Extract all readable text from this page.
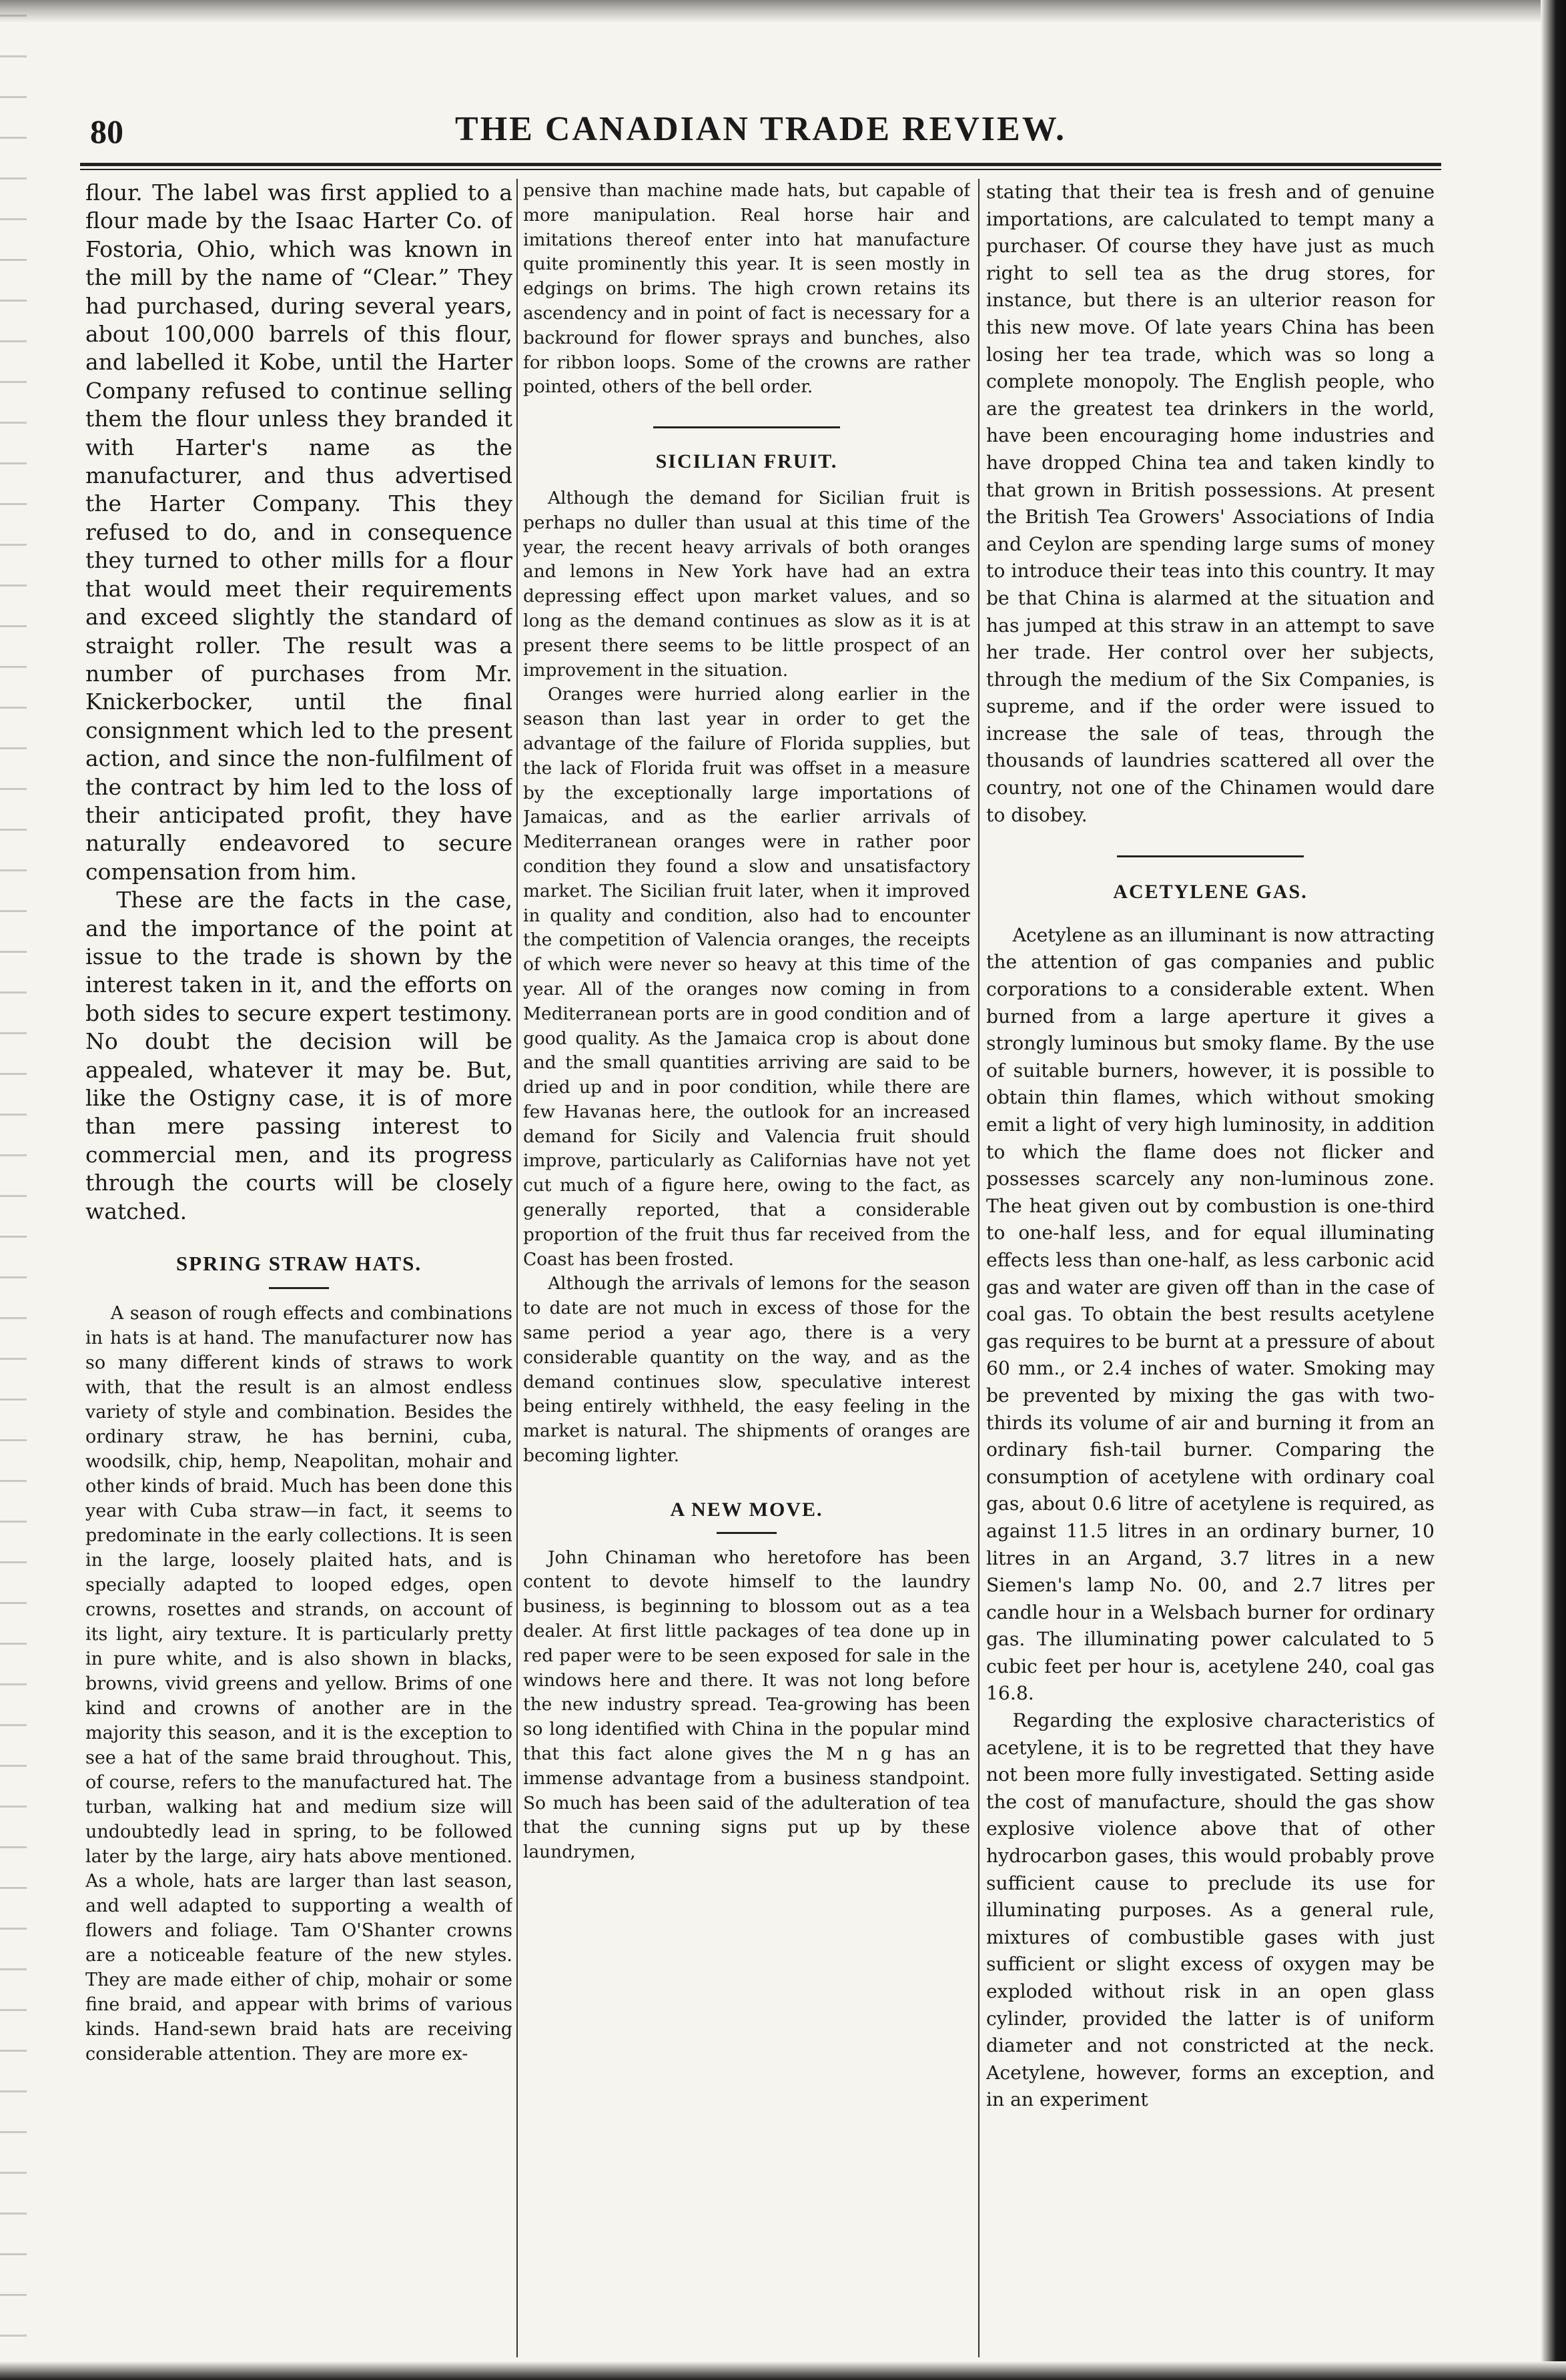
80	THE CANADIAN TRADE REVIEW.

flour. The label was first applied to a flour made by the Isaac Harter Co. of Fostoria, Ohio, which was known in the mill by the name of “Clear.” They had purchased, during several years, about 100,000 barrels of this flour, and labelled it Kobe, until the Harter Company refused to continue selling them the flour unless they branded it with Harter's name as the manufacturer, and thus advertised the Harter Company. This they refused to do, and in consequence they turned to other mills for a flour that would meet their requirements and exceed slightly the standard of straight roller. The result was a number of purchases from Mr. Knickerbocker, until the final consignment which led to the present action, and since the non-fulfilment of the contract by him led to the loss of their anticipated profit, they have naturally endeavored to secure compensation from him.

These are the facts in the case, and the importance of the point at issue to the trade is shown by the interest taken in it, and the efforts on both sides to secure expert testimony. No doubt the decision will be appealed, whatever it may be. But, like the Ostigny case, it is of more than mere passing interest to commercial men, and its progress through the courts will be closely watched.

SPRING STRAW HATS.

A season of rough effects and combinations in hats is at hand. The manufacturer now has so many different kinds of straws to work with, that the result is an almost endless variety of style and combination. Besides the ordinary straw, he has bernini, cuba, woodsilk, chip, hemp, Neapolitan, mohair and other kinds of braid. Much has been done this year with Cuba straw—in fact, it seems to predominate in the early collections. It is seen in the large, loosely plaited hats, and is specially adapted to looped edges, open crowns, rosettes and strands, on account of its light, airy texture. It is particularly pretty in pure white, and is also shown in blacks, browns, vivid greens and yellow. Brims of one kind and crowns of another are in the majority this season, and it is the exception to see a hat of the same braid throughout. This, of course, refers to the manufactured hat. The turban, walking hat and medium size will undoubtedly lead in spring, to be followed later by the large, airy hats above mentioned. As a whole, hats are larger than last season, and well adapted to supporting a wealth of flowers and foliage. Tam O'Shanter crowns are a noticeable feature of the new styles. They are made either of chip, mohair or some fine braid, and appear with brims of various kinds. Hand-sewn braid hats are receiving considerable attention. They are more ex-

pensive than machine made hats, but capable of more manipulation. Real horse hair and imitations thereof enter into hat manufacture quite prominently this year. It is seen mostly in edgings on brims. The high crown retains its ascendency and in point of fact is necessary for a backround for flower sprays and bunches, also for ribbon loops. Some of the crowns are rather pointed, others of the bell order.

SICILIAN FRUIT.

Although the demand for Sicilian fruit is perhaps no duller than usual at this time of the year, the recent heavy arrivals of both oranges and lemons in New York have had an extra depressing effect upon market values, and so long as the demand continues as slow as it is at present there seems to be little prospect of an improvement in the situation.

Oranges were hurried along earlier in the season than last year in order to get the advantage of the failure of Florida supplies, but the lack of Florida fruit was offset in a measure by the exceptionally large importations of Jamaicas, and as the earlier arrivals of Mediterranean oranges were in rather poor condition they found a slow and unsatisfactory market. The Sicilian fruit later, when it improved in quality and condition, also had to encounter the competition of Valencia oranges, the receipts of which were never so heavy at this time of the year. All of the oranges now coming in from Mediterranean ports are in good condition and of good quality. As the Jamaica crop is about done and the small quantities arriving are said to be dried up and in poor condition, while there are few Havanas here, the outlook for an increased demand for Sicily and Valencia fruit should improve, particularly as Californias have not yet cut much of a figure here, owing to the fact, as generally reported, that a considerable proportion of the fruit thus far received from the Coast has been frosted.

Although the arrivals of lemons for the season to date are not much in excess of those for the same period a year ago, there is a very considerable quantity on the way, and as the demand continues slow, speculative interest being entirely withheld, the easy feeling in the market is natural. The shipments of oranges are becoming lighter.

A NEW MOVE.

John Chinaman who heretofore has been content to devote himself to the laundry business, is beginning to blossom out as a tea dealer. At first little packages of tea done up in red paper were to be seen exposed for sale in the windows here and there. It was not long before the new industry spread. Tea-growing has been so long identified with China in the popular mind that this fact alone gives the M n g has an immense advantage from a business standpoint. So much has been said of the adulteration of tea that the cunning signs put up by these laundrymen,

stating that their tea is fresh and of genuine importations, are calculated to tempt many a purchaser. Of course they have just as much right to sell tea as the drug stores, for instance, but there is an ulterior reason for this new move. Of late years China has been losing her tea trade, which was so long a complete monopoly. The English people, who are the greatest tea drinkers in the world, have been encouraging home industries and have dropped China tea and taken kindly to that grown in British possessions. At present the British Tea Growers' Associations of India and Ceylon are spending large sums of money to introduce their teas into this country. It may be that China is alarmed at the situation and has jumped at this straw in an attempt to save her trade. Her control over her subjects, through the medium of the Six Companies, is supreme, and if the order were issued to increase the sale of teas, through the thousands of laundries scattered all over the country, not one of the Chinamen would dare to disobey.

ACETYLENE GAS.

Acetylene as an illuminant is now attracting the attention of gas companies and public corporations to a considerable extent. When burned from a large aperture it gives a strongly luminous but smoky flame. By the use of suitable burners, however, it is possible to obtain thin flames, which without smoking emit a light of very high luminosity, in addition to which the flame does not flicker and possesses scarcely any non-luminous zone. The heat given out by combustion is one-third to one-half less, and for equal illuminating effects less than one-half, as less carbonic acid gas and water are given off than in the case of coal gas. To obtain the best results acetylene gas requires to be burnt at a pressure of about 60 mm., or 2.4 inches of water. Smoking may be prevented by mixing the gas with two-thirds its volume of air and burning it from an ordinary fish-tail burner. Comparing the consumption of acetylene with ordinary coal gas, about 0.6 litre of acetylene is required, as against 11.5 litres in an ordinary burner, 10 litres in an Argand, 3.7 litres in a new Siemen's lamp No. 00, and 2.7 litres per candle hour in a Welsbach burner for ordinary gas. The illuminating power calculated to 5 cubic feet per hour is, acetylene 240, coal gas 16.8.

Regarding the explosive characteristics of acetylene, it is to be regretted that they have not been more fully investigated. Setting aside the cost of manufacture, should the gas show explosive violence above that of other hydrocarbon gases, this would probably prove sufficient cause to preclude its use for illuminating purposes. As a general rule, mixtures of combustible gases with just sufficient or slight excess of oxygen may be exploded without risk in an open glass cylinder, provided the latter is of uniform diameter and not constricted at the neck. Acetylene, however, forms an exception, and in an experiment
